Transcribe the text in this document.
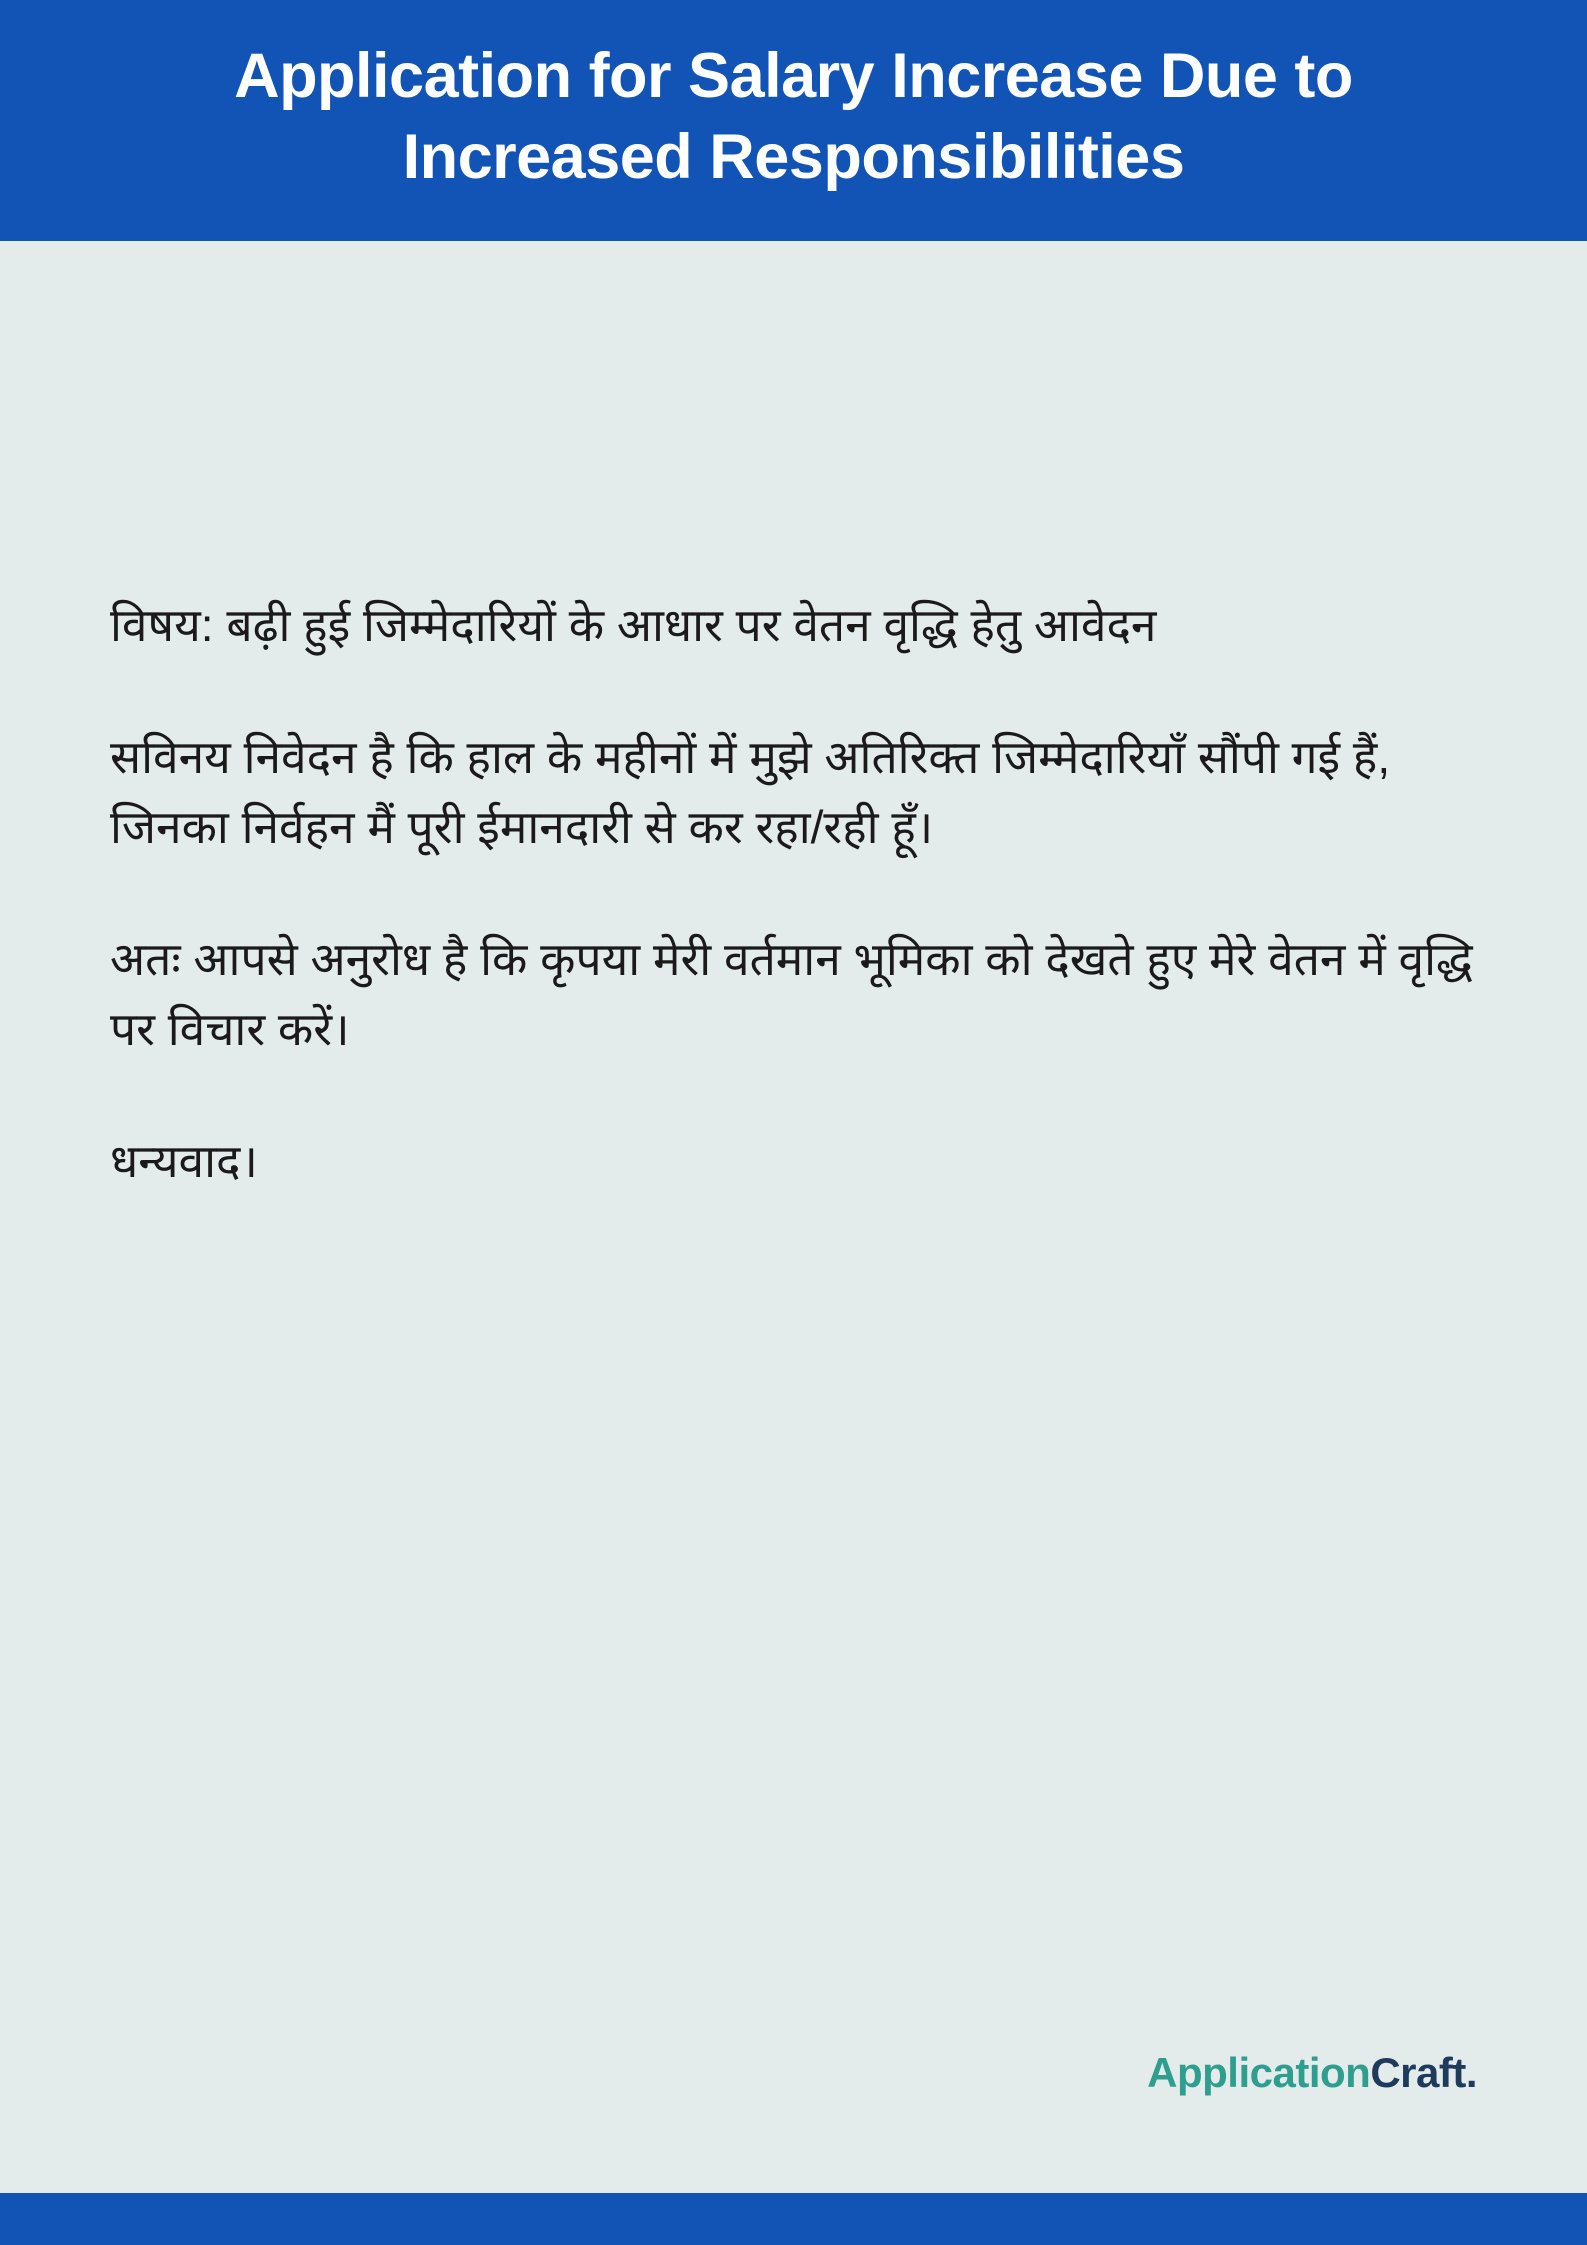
Application for Salary Increase Due to Increased Responsibilities

विषय: बढ़ी हुई जिम्मेदारियों के आधार पर वेतन वृद्धि हेतु आवेदन

सविनय निवेदन है कि हाल के महीनों में मुझे अतिरिक्त जिम्मेदारियाँ सौंपी गई हैं, जिनका निर्वहन मैं पूरी ईमानदारी से कर रहा/रही हूँ।

अतः आपसे अनुरोध है कि कृपया मेरी वर्तमान भूमिका को देखते हुए मेरे वेतन में वृद्धि पर विचार करें।

धन्यवाद।

ApplicationCraft.
